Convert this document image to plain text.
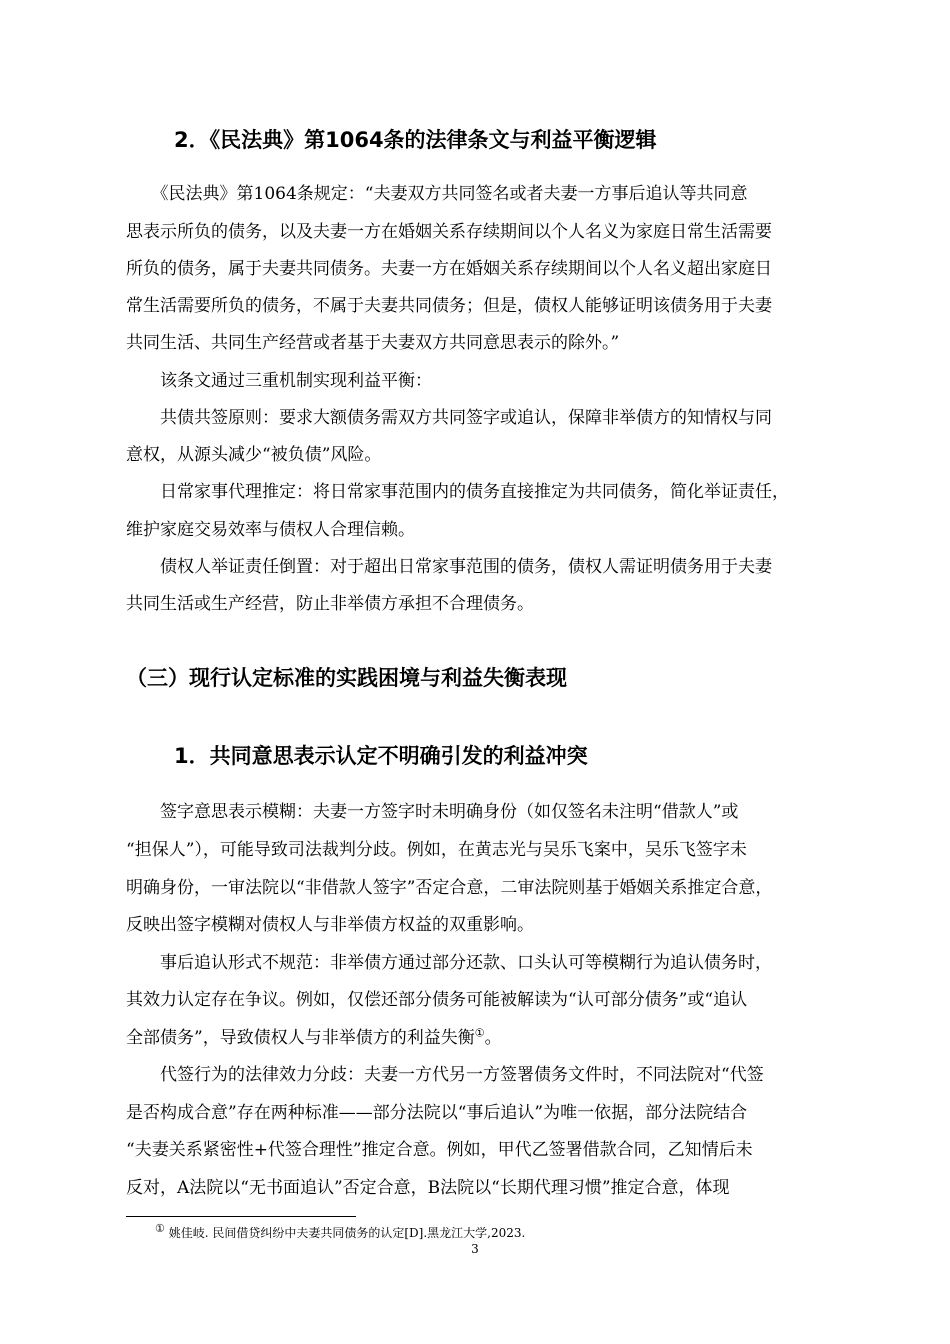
2．《民法典》第1064条的法律条文与利益平衡逻辑
　　《民法典》第1064条规定：“夫妻双方共同签名或者夫妻一方事后追认等共同意
思表示所负的债务，以及夫妻一方在婚姻关系存续期间以个人名义为家庭日常生活需要
所负的债务，属于夫妻共同债务。夫妻一方在婚姻关系存续期间以个人名义超出家庭日
常生活需要所负的债务，不属于夫妻共同债务；但是，债权人能够证明该债务用于夫妻
共同生活、共同生产经营或者基于夫妻双方共同意思表示的除外。”
　　该条文通过三重机制实现利益平衡：
　　共债共签原则：要求大额债务需双方共同签字或追认，保障非举债方的知情权与同
意权，从源头减少“被负债”风险。
　　日常家事代理推定：将日常家事范围内的债务直接推定为共同债务，简化举证责任，
维护家庭交易效率与债权人合理信赖。
　　债权人举证责任倒置：对于超出日常家事范围的债务，债权人需证明债务用于夫妻
共同生活或生产经营，防止非举债方承担不合理债务。
（三）现行认定标准的实践困境与利益失衡表现
1．共同意思表示认定不明确引发的利益冲突
　　签字意思表示模糊：夫妻一方签字时未明确身份（如仅签名未注明“借款人”或
“担保人”），可能导致司法裁判分歧。例如，在黄志光与吴乐飞案中，吴乐飞签字未
明确身份，一审法院以“非借款人签字”否定合意，二审法院则基于婚姻关系推定合意，
反映出签字模糊对债权人与非举债方权益的双重影响。
　　事后追认形式不规范：非举债方通过部分还款、口头认可等模糊行为追认债务时，
其效力认定存在争议。例如，仅偿还部分债务可能被解读为“认可部分债务”或“追认
全部债务”，导致债权人与非举债方的利益失衡①。
　　代签行为的法律效力分歧：夫妻一方代另一方签署债务文件时，不同法院对“代签
是否构成合意”存在两种标准——部分法院以“事后追认”为唯一依据，部分法院结合
“夫妻关系紧密性+代签合理性”推定合意。例如，甲代乙签署借款合同，乙知情后未
反对，A法院以“无书面追认”否定合意，B法院以“长期代理习惯”推定合意，体现
① 姚佳岐. 民间借贷纠纷中夫妻共同债务的认定[D].黑龙江大学,2023.
3
